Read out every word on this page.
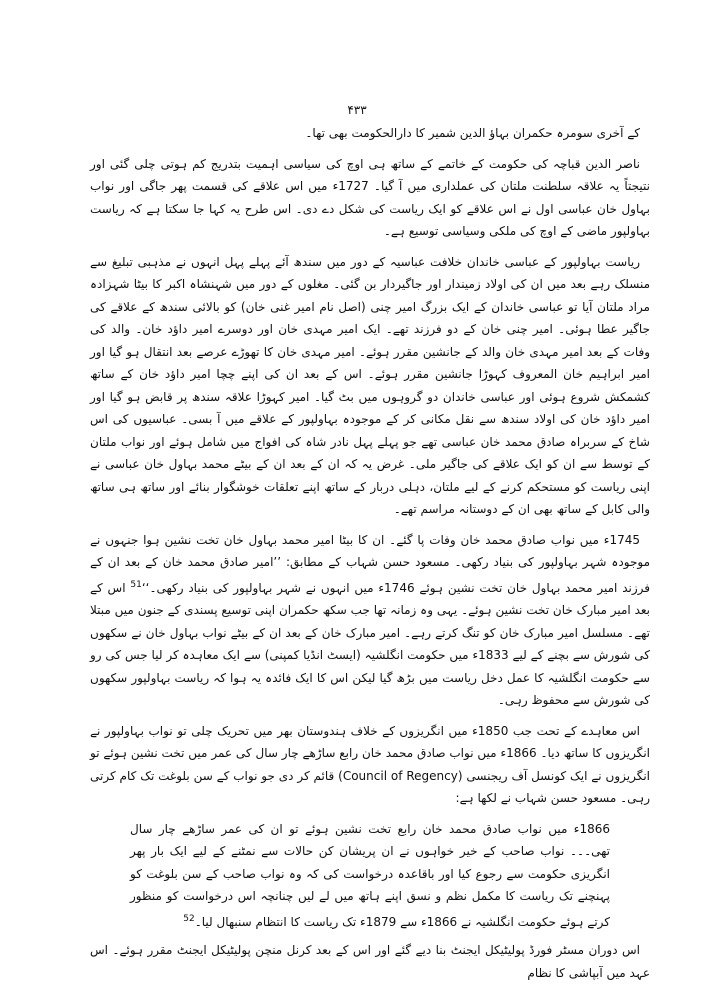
۴۳۳

کے آخری سومرہ حکمران بہاؤ الدین شمیر کا دارالحکومت بھی تھا۔

ناصر الدین قباچہ کی حکومت کے خاتمے کے ساتھ ہی اوچ کی سیاسی اہمیت بتدریج کم ہوتی چلی گئی اور نتیجتاً یہ علاقہ سلطنت ملتان کی عملداری میں آ گیا۔ 1727ء میں اس علاقے کی قسمت پھر جاگی اور نواب بہاول خان عباسی اول نے اس علاقے کو ایک ریاست کی شکل دے دی۔ اس طرح یہ کہا جا سکتا ہے کہ ریاست بہاولپور ماضی کے اوچ کی ملکی وسیاسی توسیع ہے۔

ریاست بہاولپور کے عباسی خاندان خلافت عباسیہ کے دور میں سندھ آئے پہلے پہل انہوں نے مذہبی تبلیغ سے منسلک رہے بعد میں ان کی اولاد زمیندار اور جاگیردار بن گئی۔ مغلوں کے دور میں شہنشاہ اکبر کا بیٹا شہزادہ مراد ملتان آیا تو عباسی خاندان کے ایک بزرگ امیر چنی (اصل نام امیر غنی خان) کو بالائی سندھ کے علاقے کی جاگیر عطا ہوئی۔ امیر چنی خان کے دو فرزند تھے۔ ایک امیر مہدی خان اور دوسرے امیر داؤد خان۔ والد کی وفات کے بعد امیر مہدی خان والد کے جانشین مقرر ہوئے۔ امیر مہدی خان کا تھوڑے عرصے بعد انتقال ہو گیا اور امیر ابراہیم خان المعروف کہوڑا جانشین مقرر ہوئے۔ اس کے بعد ان کی اپنے چچا امیر داؤد خان کے ساتھ کشمکش شروع ہوئی اور عباسی خاندان دو گروہوں میں بٹ گیا۔ امیر کہوڑا علاقہ سندھ پر قابض ہو گیا اور امیر داؤد خان کی اولاد سندھ سے نقل مکانی کر کے موجودہ بہاولپور کے علاقے میں آ بسی۔ عباسیوں کی اس شاخ کے سربراہ صادق محمد خان عباسی تھے جو پہلے پہل نادر شاہ کی افواج میں شامل ہوئے اور نواب ملتان کے توسط سے ان کو ایک علاقے کی جاگیر ملی۔ غرض یہ کہ ان کے بعد ان کے بیٹے محمد بہاول خان عباسی نے اپنی ریاست کو مستحکم کرنے کے لیے ملتان، دہلی دربار کے ساتھ اپنے تعلقات خوشگوار بنائے اور ساتھ ہی ساتھ والی کابل کے ساتھ بھی ان کے دوستانہ مراسم تھے۔

1745ء میں نواب صادق محمد خان وفات پا گئے۔ ان کا بیٹا امیر محمد بہاول خان تخت نشین ہوا جنہوں نے موجودہ شہر بہاولپور کی بنیاد رکھی۔ مسعود حسن شہاب کے مطابق: ’’امیر صادق محمد خان کے بعد ان کے فرزند امیر محمد بہاول خان تخت نشین ہوئے 1746ء میں انہوں نے شہر بہاولپور کی بنیاد رکھی۔‘‘$^{51}$ اس کے بعد امیر مبارک خان تخت نشین ہوئے۔ یہی وہ زمانہ تھا جب سکھ حکمران اپنی توسیع پسندی کے جنون میں مبتلا تھے۔ مسلسل امیر مبارک خان کو تنگ کرتے رہے۔ امیر مبارک خان کے بعد ان کے بیٹے نواب بہاول خان نے سکھوں کی شورش سے بچنے کے لیے 1833ء میں حکومت انگلشیہ (ایسٹ انڈیا کمپنی) سے ایک معاہدہ کر لیا جس کی رو سے حکومت انگلشیہ کا عمل دخل ریاست میں بڑھ گیا لیکن اس کا ایک فائدہ یہ ہوا کہ ریاست بہاولپور سکھوں کی شورش سے محفوظ رہی۔

اس معاہدے کے تحت جب 1850ء میں انگریزوں کے خلاف ہندوستان بھر میں تحریک چلی تو نواب بہاولپور نے انگریزوں کا ساتھ دیا۔ 1866ء میں نواب صادق محمد خان رابع ساڑھے چار سال کی عمر میں تخت نشین ہوئے تو انگریزوں نے ایک کونسل آف ریجنسی (Council of Regency) قائم کر دی جو نواب کے سن بلوغت تک کام کرتی رہی۔ مسعود حسن شہاب نے لکھا ہے:

1866ء میں نواب صادق محمد خان رابع تخت نشین ہوئے تو ان کی عمر ساڑھے چار سال تھی۔۔۔ نواب صاحب کے خیر خواہوں نے ان پریشان کن حالات سے نمٹنے کے لیے ایک بار پھر انگریزی حکومت سے رجوع کیا اور باقاعدہ درخواست کی کہ وہ نواب صاحب کے سن بلوغت کو پہنچنے تک ریاست کا مکمل نظم و نسق اپنے ہاتھ میں لے لیں چنانچہ اس درخواست کو منظور کرتے ہوئے حکومت انگلشیہ نے 1866ء سے 1879ء تک ریاست کا انتظام سنبھال لیا۔$^{52}$

اس دوران مسٹر فورڈ پولیٹیکل ایجنٹ بنا دیے گئے اور اس کے بعد کرنل منچن پولیٹیکل ایجنٹ مقرر ہوئے۔ اس عہد میں آبپاشی کا نظام
